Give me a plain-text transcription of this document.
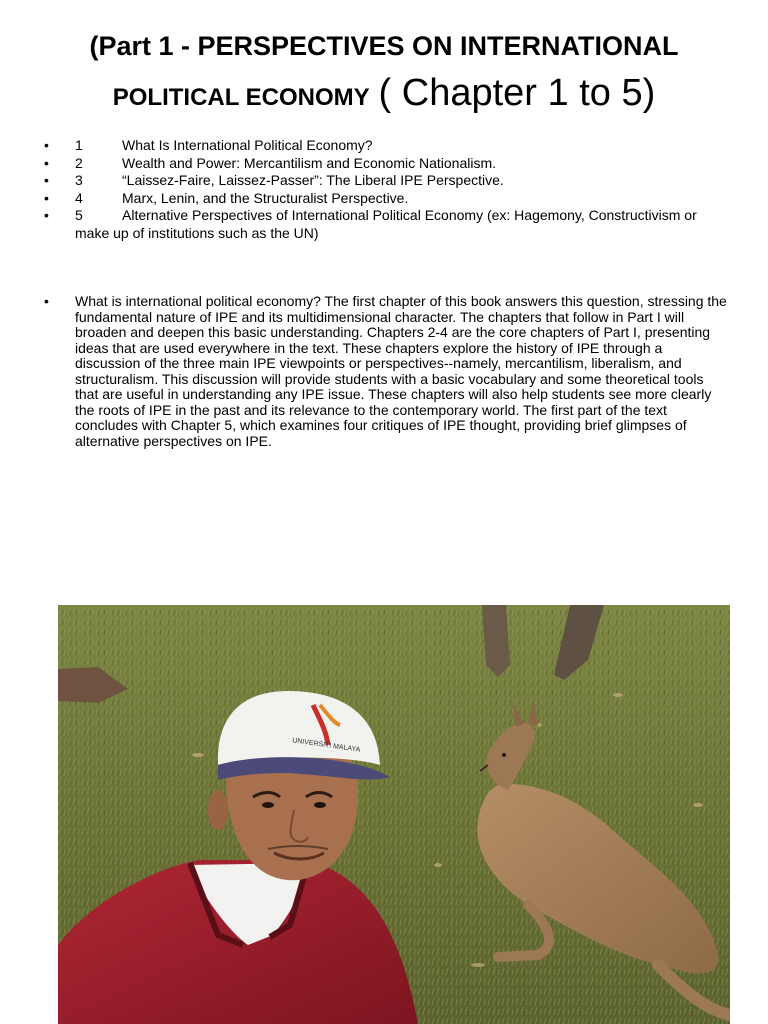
(Part 1 - PERSPECTIVES ON INTERNATIONAL
POLITICAL ECONOMY ( Chapter 1 to 5)
• 1	What Is International Political Economy?
• 2	Wealth and Power: Mercantilism and Economic Nationalism.
• 3	“Laissez-Faire, Laissez-Passer”: The Liberal IPE Perspective.
• 4	Marx, Lenin, and the Structuralist Perspective.
• 5	Alternative Perspectives of International Political Economy (ex: Hagemony, Constructivism or make up of institutions such as the UN)
• What is international political economy? The first chapter of this book answers this question, stressing the fundamental nature of IPE and its multidimensional character. The chapters that follow in Part I will broaden and deepen this basic understanding. Chapters 2-4 are the core chapters of Part I, presenting ideas that are used everywhere in the text. These chapters explore the history of IPE through a discussion of the three main IPE viewpoints or perspectives--namely, mercantilism, liberalism, and structuralism. This discussion will provide students with a basic vocabulary and some theoretical tools that are useful in understanding any IPE issue. These chapters will also help students see more clearly the roots of IPE in the past and its relevance to the contemporary world. The first part of the text concludes with Chapter 5, which examines four critiques of IPE thought, providing brief glimpses of alternative perspectives on IPE.
UNIVERSITI MALAYA
